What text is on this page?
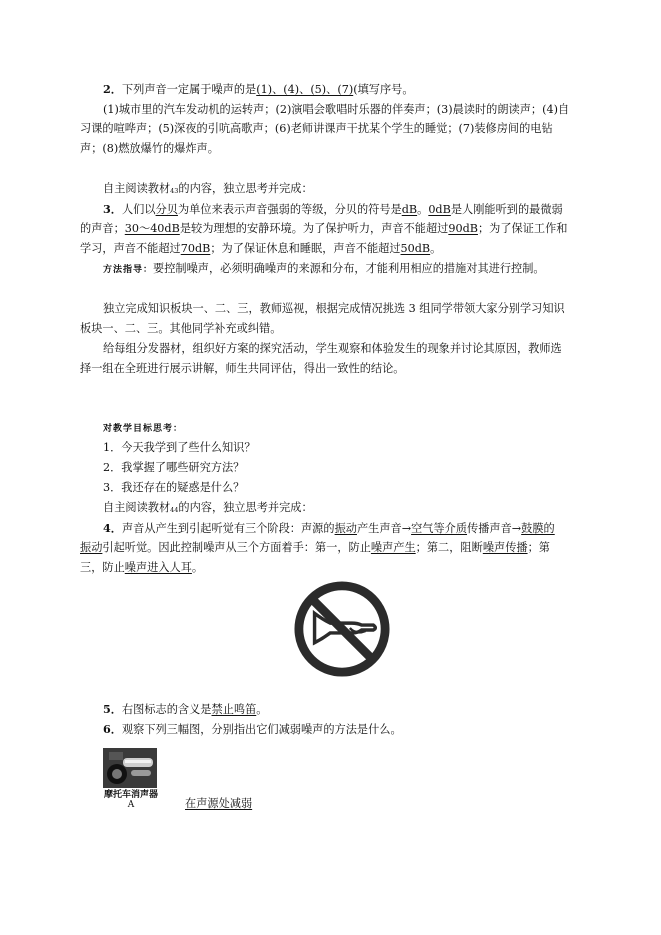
2．下列声音一定属于噪声的是(1)、(4)、(5)、(7)(填写序号。
(1)城市里的汽车发动机的运转声；(2)演唱会歌唱时乐器的伴奏声；(3)晨读时的朗读声；(4)自
习课的喧哗声；(5)深夜的引吭高歌声；(6)老师讲课声干扰某个学生的睡觉；(7)装修房间的电钻
声；(8)燃放爆竹的爆炸声。
自主阅读教材43的内容，独立思考并完成：
3．人们以分贝为单位来表示声音强弱的等级，分贝的符号是dB。0dB是人刚能听到的最微弱
的声音；30～40dB是较为理想的安静环境。为了保护听力，声音不能超过90dB；为了保证工作和
学习，声音不能超过70dB；为了保证休息和睡眠，声音不能超过50dB。
方法指导：要控制噪声，必须明确噪声的来源和分布，才能利用相应的措施对其进行控制。
独立完成知识板块一、二、三，教师巡视，根据完成情况挑选 3 组同学带领大家分别学习知识
板块一、二、三。其他同学补充或纠错。
给每组分发器材，组织好方案的探究活动，学生观察和体验发生的现象并讨论其原因，教师选
择一组在全班进行展示讲解，师生共同评估，得出一致性的结论。
对教学目标思考：
1．今天我学到了些什么知识？
2．我掌握了哪些研究方法？
3．我还存在的疑惑是什么？
自主阅读教材44的内容，独立思考并完成：
4．声音从产生到引起听觉有三个阶段：声源的振动产生声音→空气等介质传播声音→鼓膜的
振动引起听觉。因此控制噪声从三个方面着手：第一，防止噪声产生；第二，阻断噪声传播；第
三，防止噪声进入人耳。
5．右图标志的含义是禁止鸣笛。
6．观察下列三幅图，分别指出它们减弱噪声的方法是什么。
摩托车消声器
A	在声源处减弱
